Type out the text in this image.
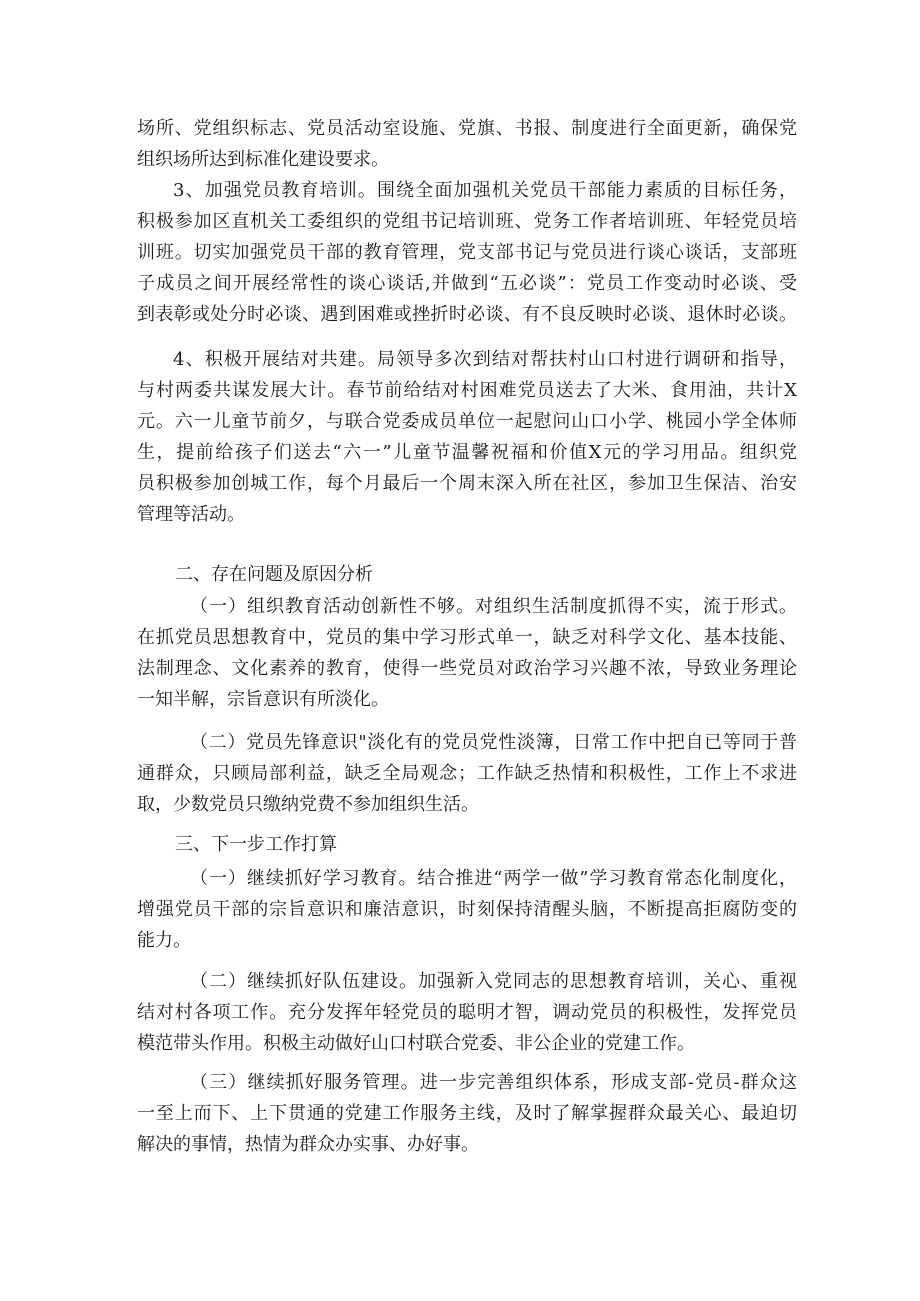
场所、党组织标志、党员活动室设施、党旗、书报、制度进行全面更新，确保党
组织场所达到标准化建设要求。

3、加强党员教育培训。围绕全面加强机关党员干部能力素质的目标任务，
积极参加区直机关工委组织的党组书记培训班、党务工作者培训班、年轻党员培
训班。切实加强党员干部的教育管理，党支部书记与党员进行谈心谈话，支部班
子成员之间开展经常性的谈心谈话,并做到“五必谈”：党员工作变动时必谈、受
到表彰或处分时必谈、遇到困难或挫折时必谈、有不良反映时必谈、退休时必谈。

4、积极开展结对共建。局领导多次到结对帮扶村山口村进行调研和指导，
与村两委共谋发展大计。春节前给结对村困难党员送去了大米、食用油，共计X
元。六一儿童节前夕，与联合党委成员单位一起慰问山口小学、桃园小学全体师
生，提前给孩子们送去“六一”儿童节温馨祝福和价值X元的学习用品。组织党
员积极参加创城工作，每个月最后一个周末深入所在社区，参加卫生保洁、治安
管理等活动。

二、存在问题及原因分析

（一）组织教育活动创新性不够。对组织生活制度抓得不实，流于形式。
在抓党员思想教育中，党员的集中学习形式单一，缺乏对科学文化、基本技能、
法制理念、文化素养的教育，使得一些党员对政治学习兴趣不浓，导致业务理论
一知半解，宗旨意识有所淡化。

（二）党员先锋意识"淡化有的党员党性淡簿，日常工作中把自已等同于普
通群众，只顾局部利益，缺乏全局观念；工作缺乏热情和积极性，工作上不求进
取，少数党员只缴纳党费不参加组织生活。

三、下一步工作打算

（一）继续抓好学习教育。结合推进“两学一做”学习教育常态化制度化，
增强党员干部的宗旨意识和廉洁意识，时刻保持清醒头脑，不断提高拒腐防变的
能力。

（二）继续抓好队伍建设。加强新入党同志的思想教育培训，关心、重视
结对村各项工作。充分发挥年轻党员的聪明才智，调动党员的积极性，发挥党员
模范带头作用。积极主动做好山口村联合党委、非公企业的党建工作。

（三）继续抓好服务管理。进一步完善组织体系，形成支部-党员-群众这
一至上而下、上下贯通的党建工作服务主线，及时了解掌握群众最关心、最迫切
解决的事情，热情为群众办实事、办好事。
